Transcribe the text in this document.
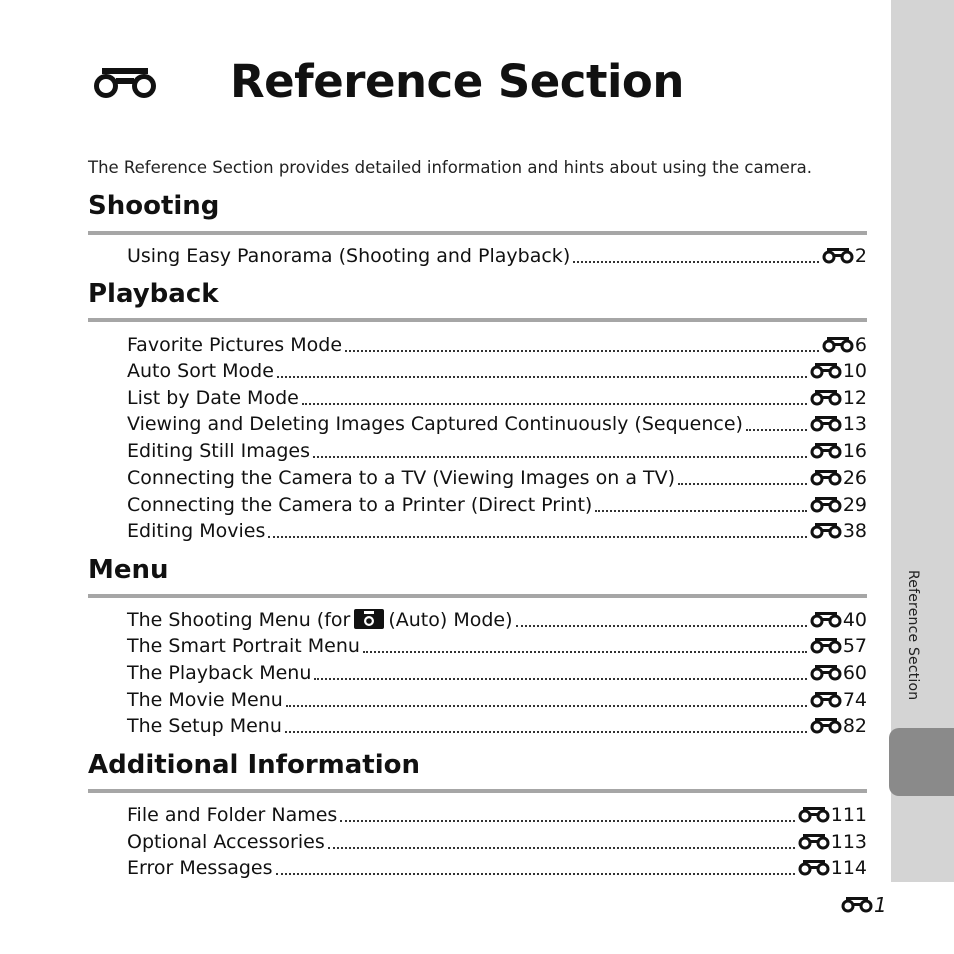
Reference Section
Reference Section

The Reference Section provides detailed information and hints about using the camera.

Shooting
Using Easy Panorama (Shooting and Playback)	2
Playback
Favorite Pictures Mode	6
Auto Sort Mode	10
List by Date Mode	12
Viewing and Deleting Images Captured Continuously (Sequence)	13
Editing Still Images	16
Connecting the Camera to a TV (Viewing Images on a TV)	26
Connecting the Camera to a Printer (Direct Print)	29
Editing Movies	38
Menu
The Shooting Menu (for (Auto) Mode)	40
The Smart Portrait Menu	57
The Playback Menu	60
The Movie Menu	74
The Setup Menu	82
Additional Information
File and Folder Names	111
Optional Accessories	113
Error Messages	114
1
